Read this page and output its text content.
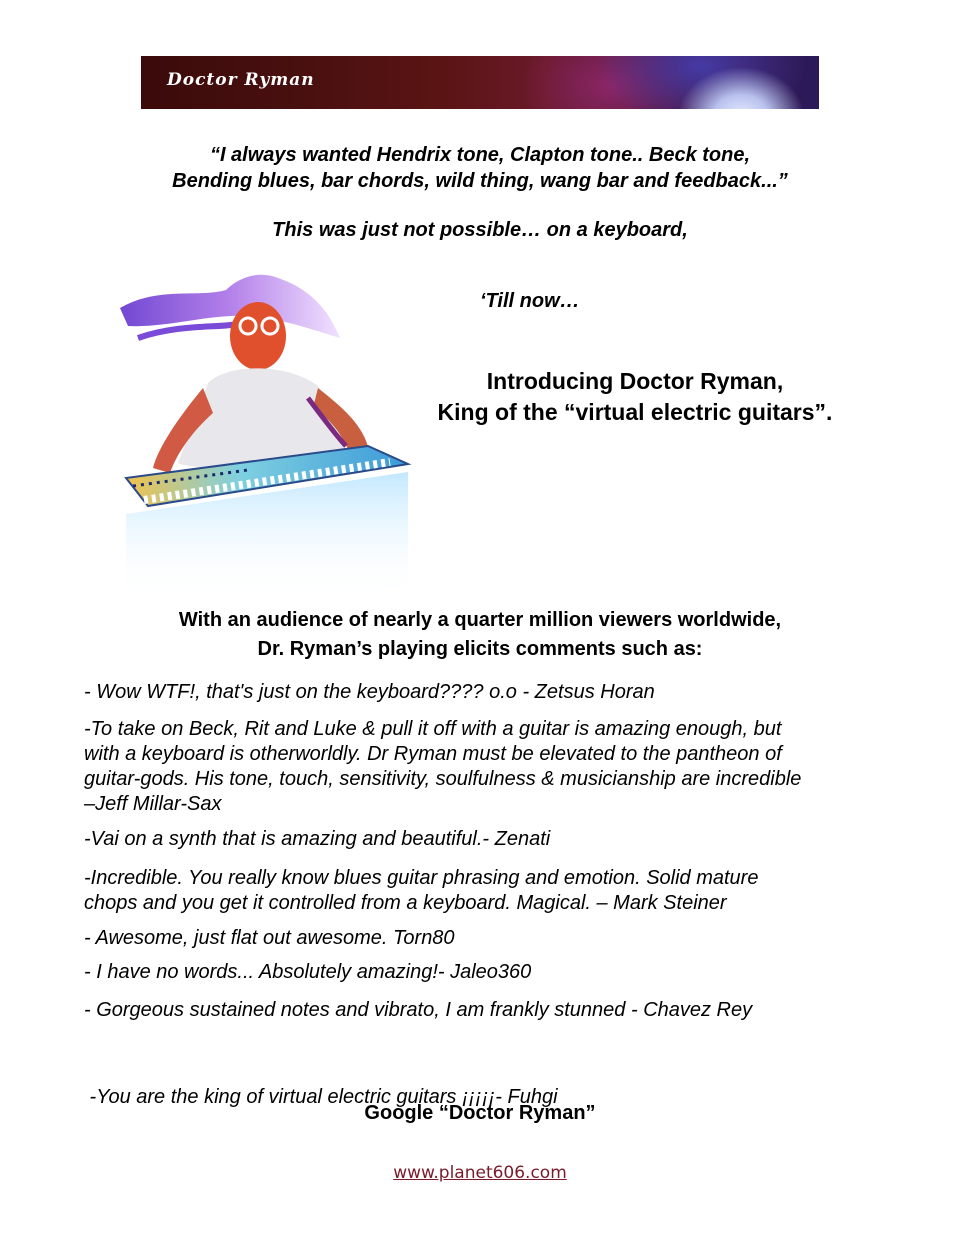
Doctor Ryman
“I always wanted Hendrix tone, Clapton tone.. Beck tone,
Bending blues, bar chords, wild thing, wang bar and feedback...”
This was just not possible… on a keyboard,
‘Till now…
Introducing Doctor Ryman,
King of the “virtual electric guitars”.
With an audience of nearly a quarter million viewers worldwide,
Dr. Ryman’s playing elicits comments such as:
- Wow WTF!, that's just on the keyboard???? o.o - Zetsus Horan
-To take on Beck, Rit and Luke & pull it off with a guitar is amazing enough, but
with a keyboard is otherworldly. Dr Ryman must be elevated to the pantheon of
guitar-gods. His tone, touch, sensitivity, soulfulness & musicianship are incredible
–Jeff Millar-Sax
-Vai on a synth that is amazing and beautiful.- Zenati
-Incredible. You really know blues guitar phrasing and emotion. Solid mature
chops and you get it controlled from a keyboard. Magical. – Mark Steiner
- Awesome, just flat out awesome. Torn80
- I have no words... Absolutely amazing!- Jaleo360
- Gorgeous sustained notes and vibrato, I am frankly stunned - Chavez Rey

-You are the king of virtual electric guitars ¡¡¡¡¡- Fuhgi

Google “Doctor Ryman”
www.planet606.com
